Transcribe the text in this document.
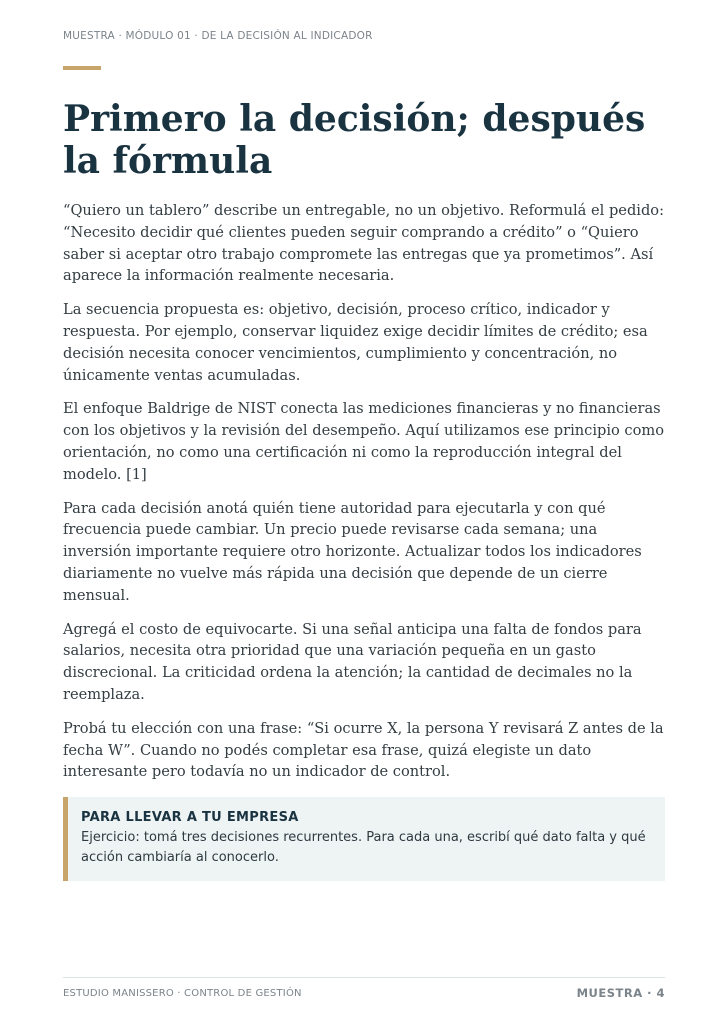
MUESTRA · MÓDULO 01 · DE LA DECISIÓN AL INDICADOR
Primero la decisión; después la fórmula

“Quiero un tablero” describe un entregable, no un objetivo. Reformulá el pedido: “Necesito decidir qué clientes pueden seguir comprando a crédito” o “Quiero saber si aceptar otro trabajo compromete las entregas que ya prometimos”. Así aparece la información realmente necesaria.

La secuencia propuesta es: objetivo, decisión, proceso crítico, indicador y respuesta. Por ejemplo, conservar liquidez exige decidir límites de crédito; esa decisión necesita conocer vencimientos, cumplimiento y concentración, no únicamente ventas acumuladas.

El enfoque Baldrige de NIST conecta las mediciones financieras y no financieras con los objetivos y la revisión del desempeño. Aquí utilizamos ese principio como orientación, no como una certificación ni como la reproducción integral del modelo. [1]

Para cada decisión anotá quién tiene autoridad para ejecutarla y con qué frecuencia puede cambiar. Un precio puede revisarse cada semana; una inversión importante requiere otro horizonte. Actualizar todos los indicadores diariamente no vuelve más rápida una decisión que depende de un cierre mensual.

Agregá el costo de equivocarte. Si una señal anticipa una falta de fondos para salarios, necesita otra prioridad que una variación pequeña en un gasto discrecional. La criticidad ordena la atención; la cantidad de decimales no la reemplaza.

Probá tu elección con una frase: “Si ocurre X, la persona Y revisará Z antes de la fecha W”. Cuando no podés completar esa frase, quizá elegiste un dato interesante pero todavía no un indicador de control.

PARA LLEVAR A TU EMPRESA
Ejercicio: tomá tres decisiones recurrentes. Para cada una, escribí qué dato falta y qué acción cambiaría al conocerlo.
ESTUDIO MANISSERO · CONTROL DE GESTIÓN	MUESTRA · 4
